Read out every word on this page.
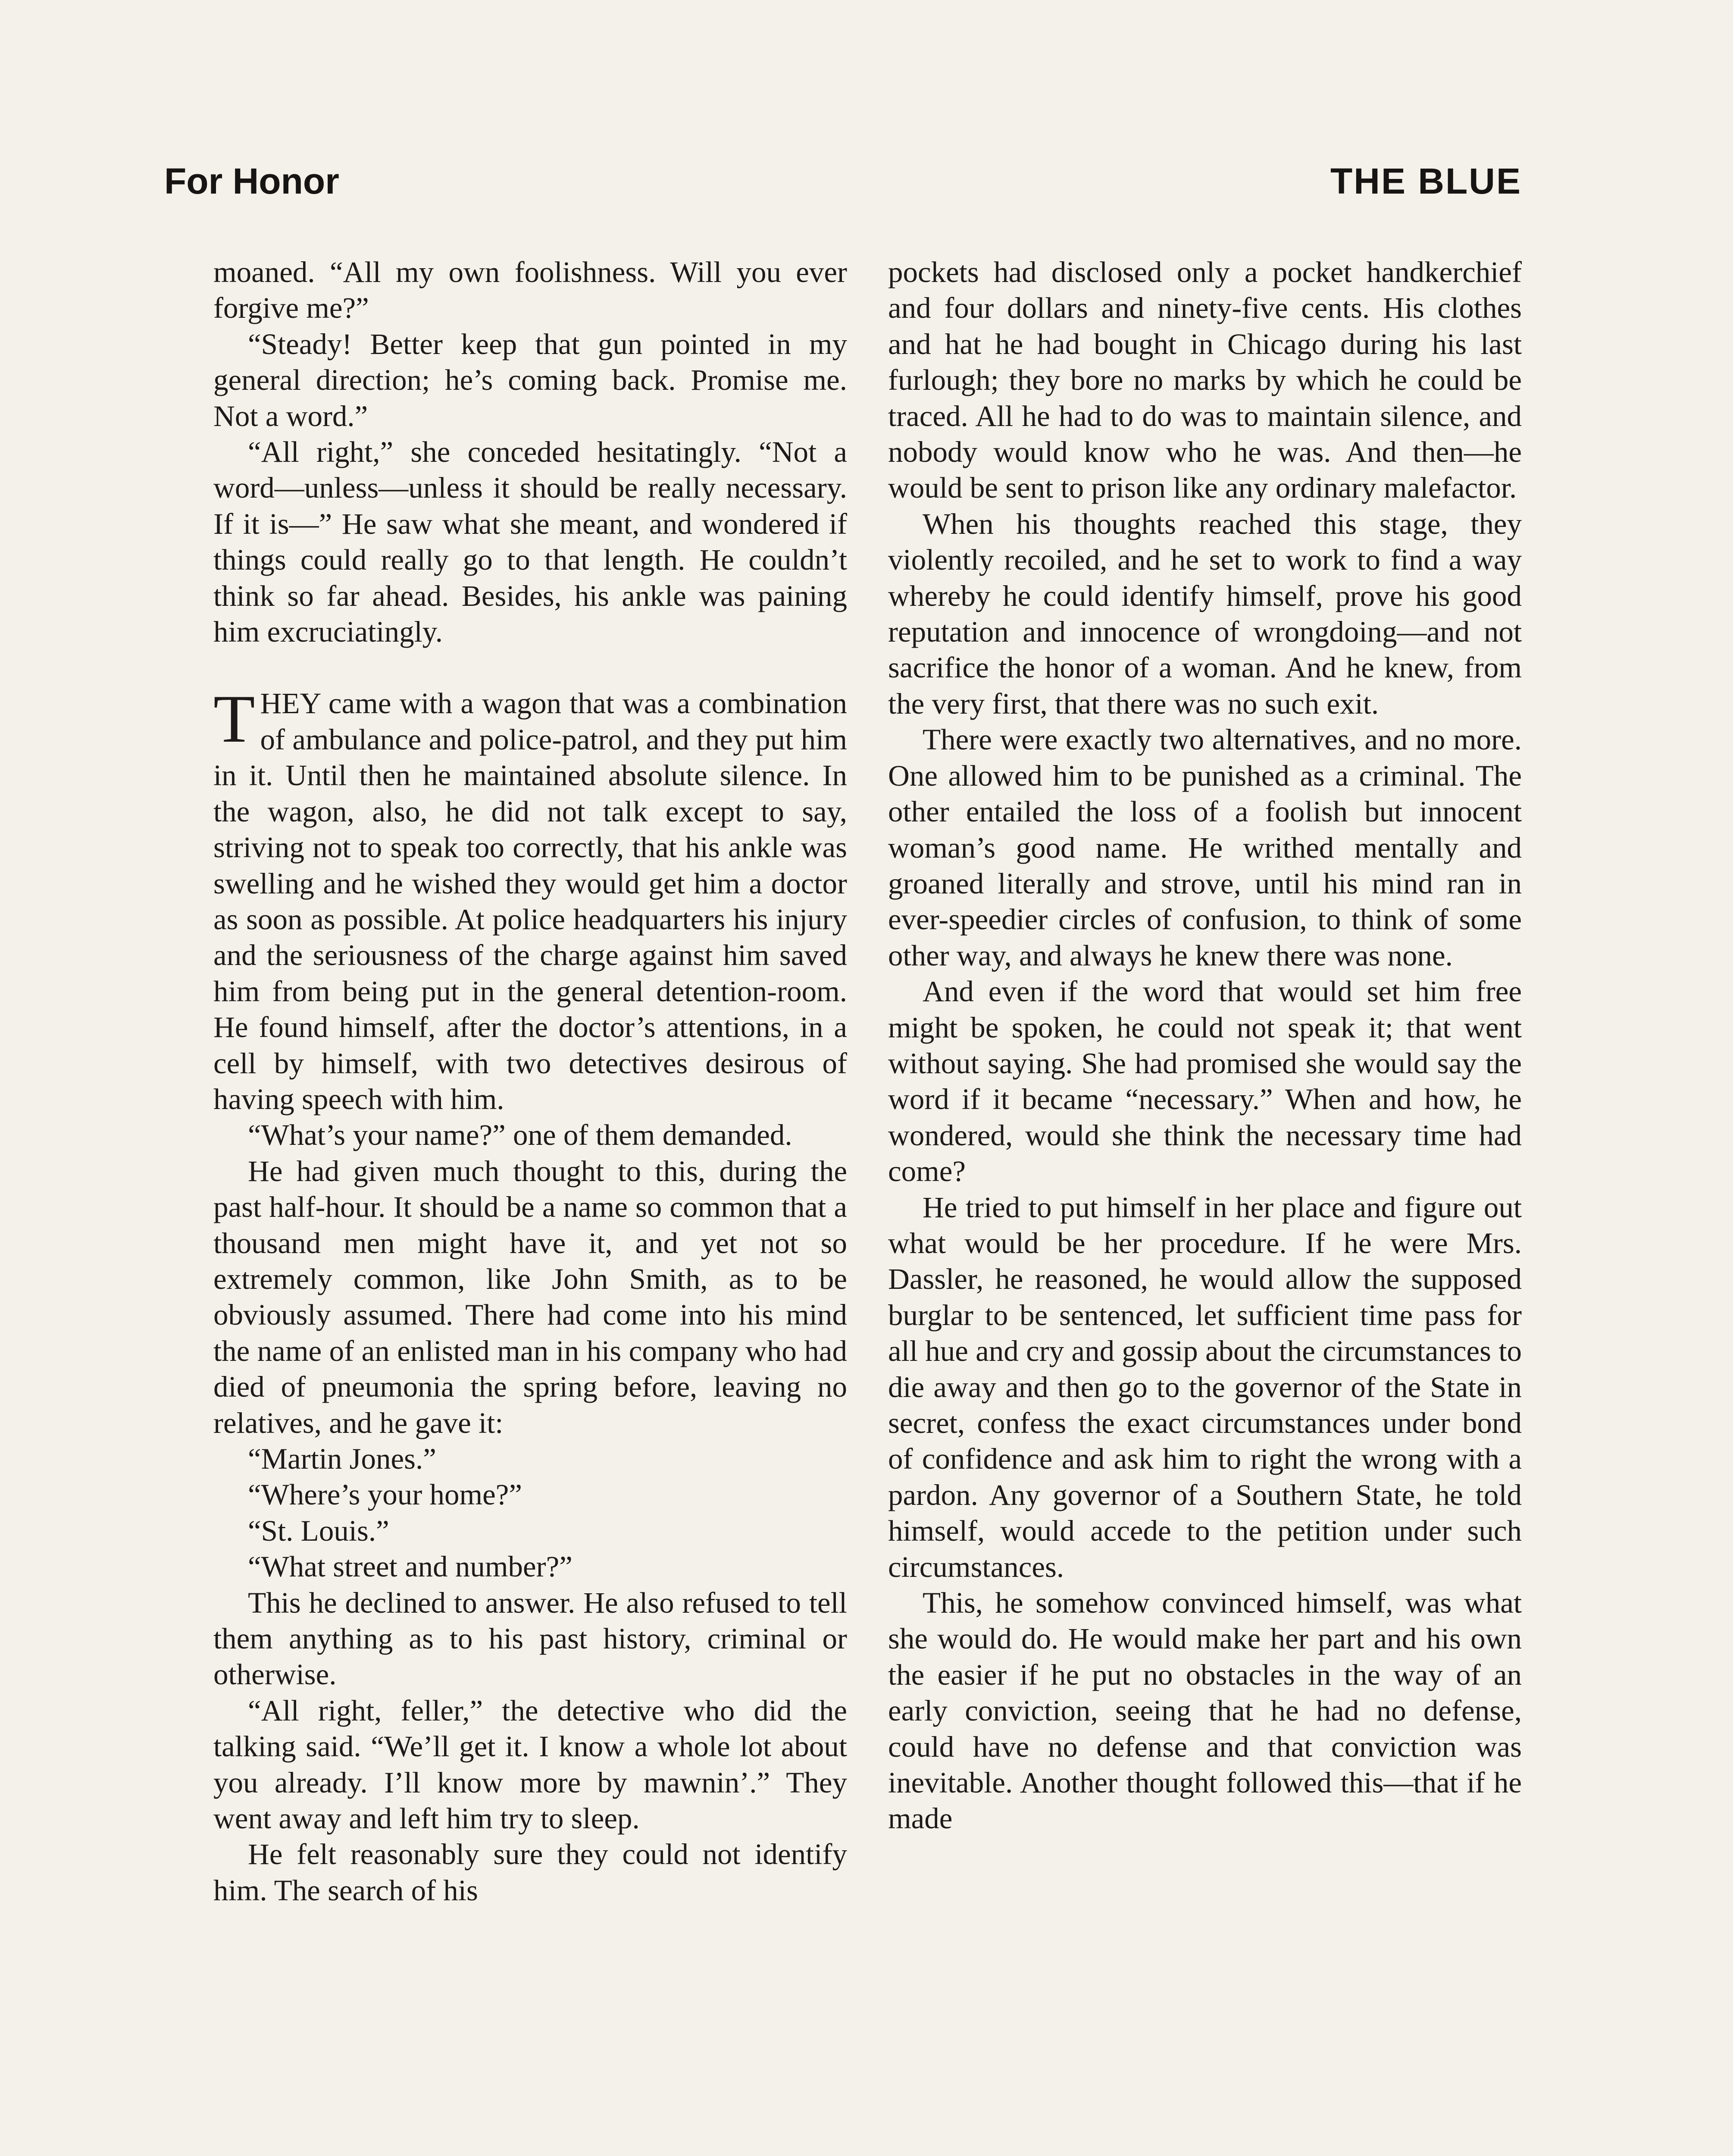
For Honor	THE BLUE

moaned. “All my own foolishness. Will you ever forgive me?”

“Steady! Better keep that gun pointed in my general direction; he’s coming back. Promise me. Not a word.”

“All right,” she conceded hesitatingly. “Not a word—unless—unless it should be really necessary. If it is—” He saw what she meant, and wondered if things could really go to that length. He couldn’t think so far ahead. Besides, his ankle was paining him excruciatingly.

THEY came with a wagon that was a combination of ambulance and police-patrol, and they put him in it. Until then he maintained absolute silence. In the wagon, also, he did not talk except to say, striving not to speak too correctly, that his ankle was swelling and he wished they would get him a doctor as soon as possible. At police headquarters his injury and the seriousness of the charge against him saved him from being put in the general detention-room. He found himself, after the doctor’s attentions, in a cell by himself, with two detectives desirous of having speech with him.

“What’s your name?” one of them demanded.

He had given much thought to this, during the past half-hour. It should be a name so common that a thousand men might have it, and yet not so extremely common, like John Smith, as to be obviously assumed. There had come into his mind the name of an enlisted man in his company who had died of pneumonia the spring before, leaving no relatives, and he gave it:

“Martin Jones.”

“Where’s your home?”

“St. Louis.”

“What street and number?”

This he declined to answer. He also refused to tell them anything as to his past history, criminal or otherwise.

“All right, feller,” the detective who did the talking said. “We’ll get it. I know a whole lot about you already. I’ll know more by mawnin’.” They went away and left him try to sleep.

He felt reasonably sure they could not identify him. The search of his

pockets had disclosed only a pocket handkerchief and four dollars and ninety-five cents. His clothes and hat he had bought in Chicago during his last furlough; they bore no marks by which he could be traced. All he had to do was to maintain silence, and nobody would know who he was. And then—he would be sent to prison like any ordinary malefactor.

When his thoughts reached this stage, they violently recoiled, and he set to work to find a way whereby he could identify himself, prove his good reputation and innocence of wrongdoing—and not sacrifice the honor of a woman. And he knew, from the very first, that there was no such exit.

There were exactly two alternatives, and no more. One allowed him to be punished as a criminal. The other entailed the loss of a foolish but innocent woman’s good name. He writhed mentally and groaned literally and strove, until his mind ran in ever-speedier circles of confusion, to think of some other way, and always he knew there was none.

And even if the word that would set him free might be spoken, he could not speak it; that went without saying. She had promised she would say the word if it became “necessary.” When and how, he wondered, would she think the necessary time had come?

He tried to put himself in her place and figure out what would be her procedure. If he were Mrs. Dassler, he reasoned, he would allow the supposed burglar to be sentenced, let sufficient time pass for all hue and cry and gossip about the circumstances to die away and then go to the governor of the State in secret, confess the exact circumstances under bond of confidence and ask him to right the wrong with a pardon. Any governor of a Southern State, he told himself, would accede to the petition under such circumstances.

This, he somehow convinced himself, was what she would do. He would make her part and his own the easier if he put no obstacles in the way of an early conviction, seeing that he had no defense, could have no defense and that conviction was inevitable. Another thought followed this—that if he made
